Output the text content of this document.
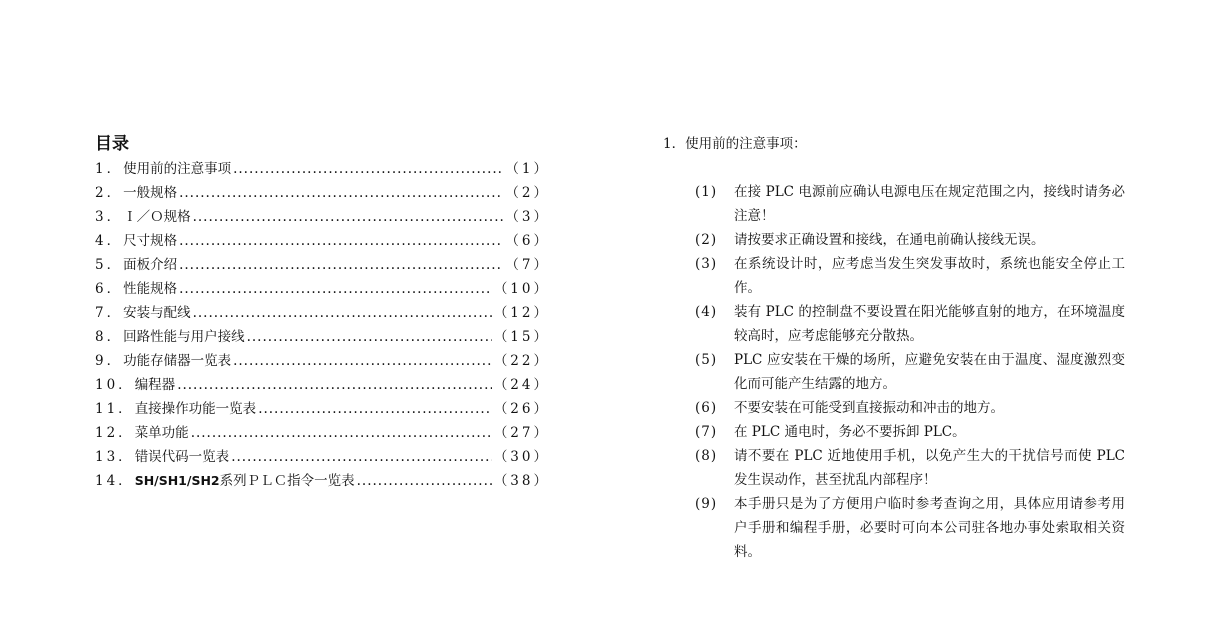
目录
1． 使用前的注意事项 .....	（1）
2． 一般规格 .....	（2）
3． Ｉ／Ｏ规格 .....	（3）
4． 尺寸规格 .....	（6）
5． 面板介绍 .....	（7）
6． 性能规格 .....	（10）
7． 安装与配线 .....	（12）
8． 回路性能与用户接线 .....	（15）
9． 功能存储器一览表 .....	（22）
10． 编程器 .....	（24）
11． 直接操作功能一览表 .....	（26）
12． 菜单功能 .....	（27）
13． 错误代码一览表 .....	（30）
14． SH/SH1/SH2系列ＰＬＣ指令一览表 .....	（38）
1．使用前的注意事项：
(1)	在接 PLC 电源前应确认电源电压在规定范围之内，接线时请务必注意！
(2)	请按要求正确设置和接线，在通电前确认接线无误。
(3)	在系统设计时，应考虑当发生突发事故时，系统也能安全停止工作。
(4)	装有 PLC 的控制盘不要设置在阳光能够直射的地方，在环境温度较高时，应考虑能够充分散热。
(5)	PLC 应安装在干燥的场所，应避免安装在由于温度、湿度激烈变化而可能产生结露的地方。
(6)	不要安装在可能受到直接振动和冲击的地方。
(7)	在 PLC 通电时，务必不要拆卸 PLC。
(8)	请不要在 PLC 近地使用手机，以免产生大的干扰信号而使 PLC 发生误动作，甚至扰乱内部程序！
(9)	本手册只是为了方便用户临时参考查询之用，具体应用请参考用户手册和编程手册，必要时可向本公司驻各地办事处索取相关资料。
